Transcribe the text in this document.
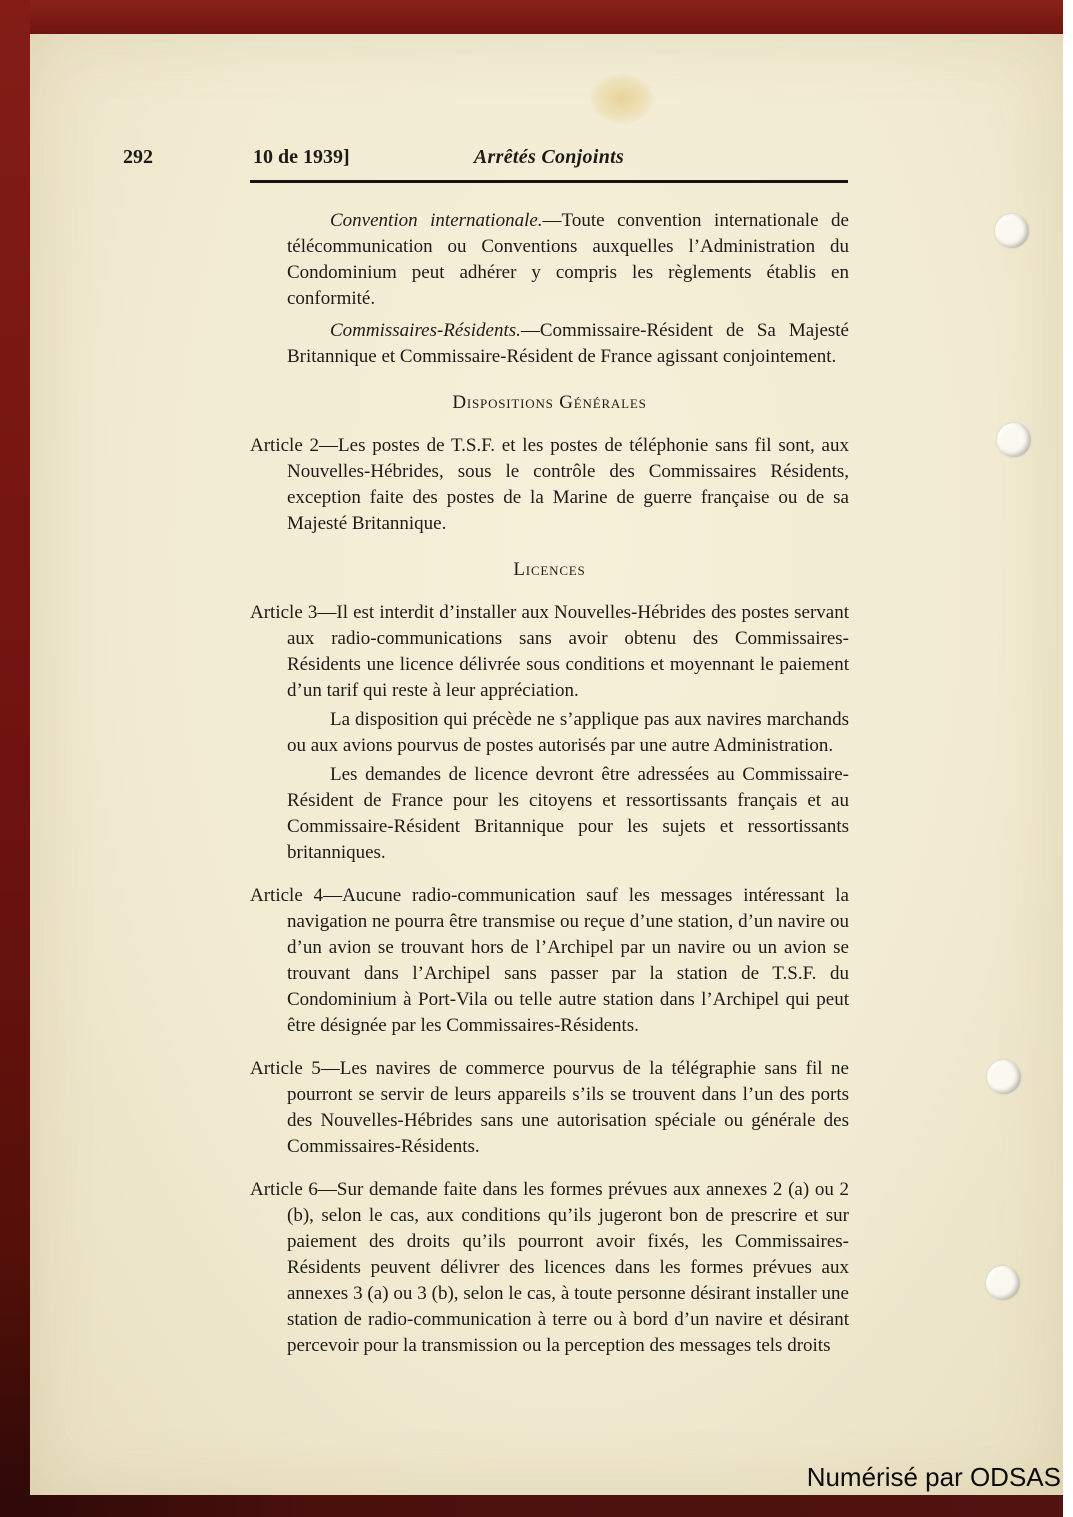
292	10 de 1939]	Arrêtés Conjoints

Convention internationale.—Toute convention internationale de télécommunication ou Conventions auxquelles l’Administration du Condominium peut adhérer y compris les règlements établis en conformité.

Commissaires-Résidents.—Commissaire-Résident de Sa Majesté Britannique et Commissaire-Résident de France agissant conjointement.

Dispositions Générales

Article 2—Les postes de T.S.F. et les postes de téléphonie sans fil sont, aux Nouvelles-Hébrides, sous le contrôle des Commissaires Résidents, exception faite des postes de la Marine de guerre française ou de sa Majesté Britannique.

Licences

Article 3—Il est interdit d’installer aux Nouvelles-Hébrides des postes servant aux radio-communications sans avoir obtenu des Commissaires-Résidents une licence délivrée sous conditions et moyennant le paiement d’un tarif qui reste à leur appréciation.

La disposition qui précède ne s’applique pas aux navires marchands ou aux avions pourvus de postes autorisés par une autre Administration.

Les demandes de licence devront être adressées au Commissaire-Résident de France pour les citoyens et ressortissants français et au Commissaire-Résident Britannique pour les sujets et ressortissants britanniques.

Article 4—Aucune radio-communication sauf les messages intéressant la navigation ne pourra être transmise ou reçue d’une station, d’un navire ou d’un avion se trouvant hors de l’Archipel par un navire ou un avion se trouvant dans l’Archipel sans passer par la station de T.S.F. du Condominium à Port-Vila ou telle autre station dans l’Archipel qui peut être désignée par les Commissaires-Résidents.

Article 5—Les navires de commerce pourvus de la télégraphie sans fil ne pourront se servir de leurs appareils s’ils se trouvent dans l’un des ports des Nouvelles-Hébrides sans une autorisation spéciale ou générale des Commissaires-Résidents.

Article 6—Sur demande faite dans les formes prévues aux annexes 2 (a) ou 2 (b), selon le cas, aux conditions qu’ils jugeront bon de prescrire et sur paiement des droits qu’ils pourront avoir fixés, les Commissaires-Résidents peuvent délivrer des licences dans les formes prévues aux annexes 3 (a) ou 3 (b), selon le cas, à toute personne désirant installer une station de radio-communication à terre ou à bord d’un navire et désirant percevoir pour la transmission ou la perception des messages tels droits

Numérisé par ODSAS
